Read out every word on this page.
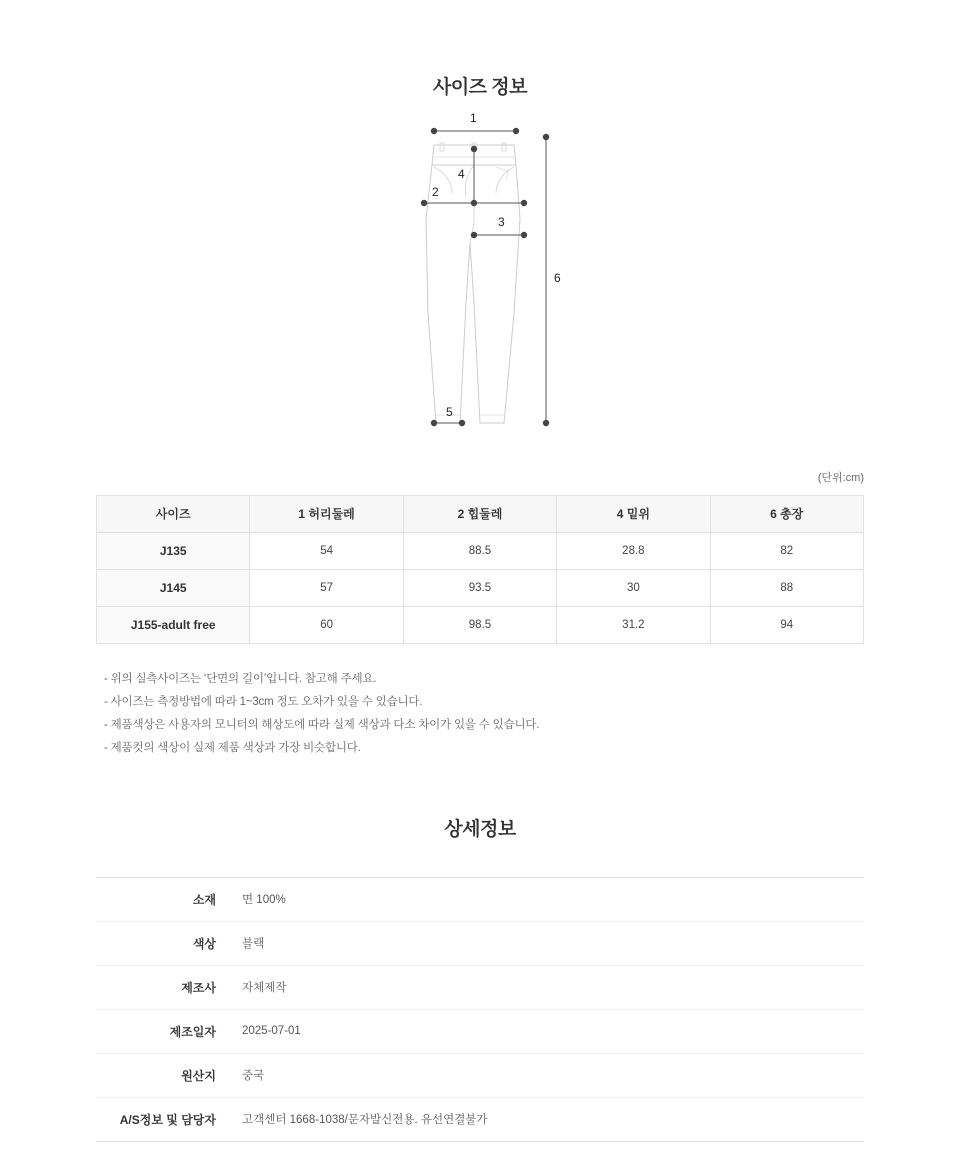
사이즈 정보
1
2
3
4
5
6
(단위:cm)
사이즈	1 허리둘레	2 힙둘레	4 밑위	6 총장
J135	54	88.5	28.8	82
J145	57	93.5	30	88
J155-adult free	60	98.5	31.2	94

- 위의 실측사이즈는 ‘단면의 길이’입니다. 참고해 주세요.

- 사이즈는 측정방법에 따라 1~3cm 정도 오차가 있을 수 있습니다.

- 제품색상은 사용자의 모니터의 해상도에 따라 실제 색상과 다소 차이가 있을 수 있습니다.

- 제품컷의 색상이 실제 제품 색상과 가장 비슷합니다.

상세정보
소재	면 100%
색상	블랙
제조사	자체제작
제조일자	2025-07-01
원산지	중국
A/S정보 및 담당자	고객센터 1668-1038/문자발신전용. 유선연결불가
